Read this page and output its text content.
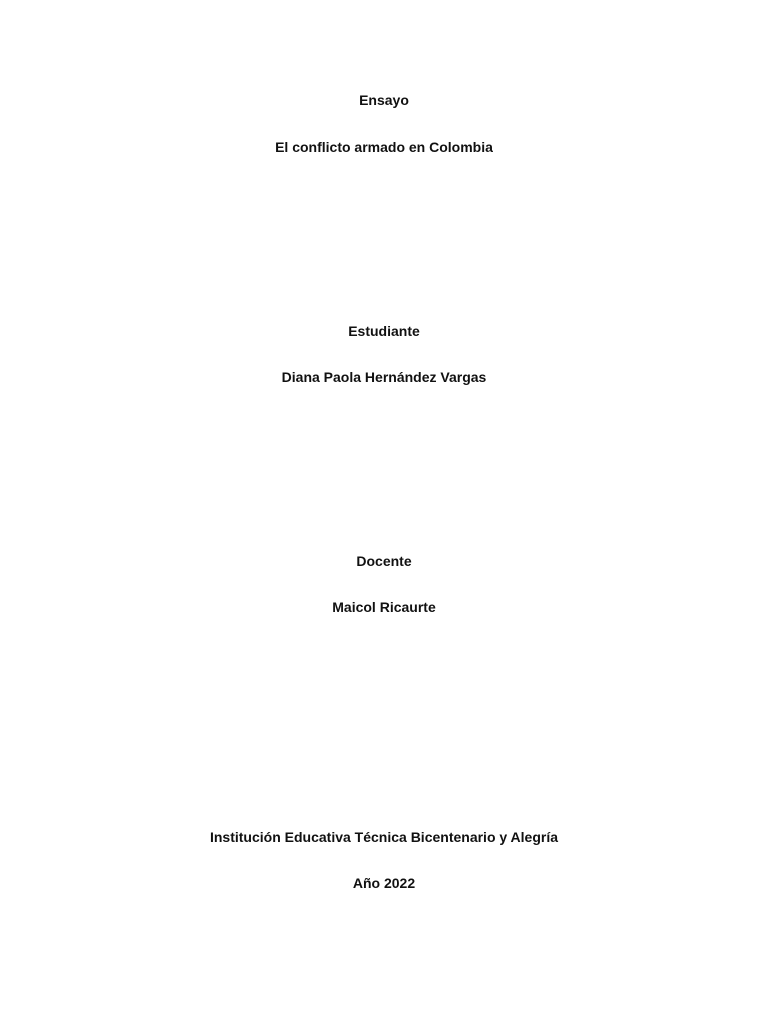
Ensayo
El conflicto armado en Colombia
Estudiante
Diana Paola Hernández Vargas
Docente
Maicol Ricaurte
Institución Educativa Técnica Bicentenario y Alegría
Año 2022
